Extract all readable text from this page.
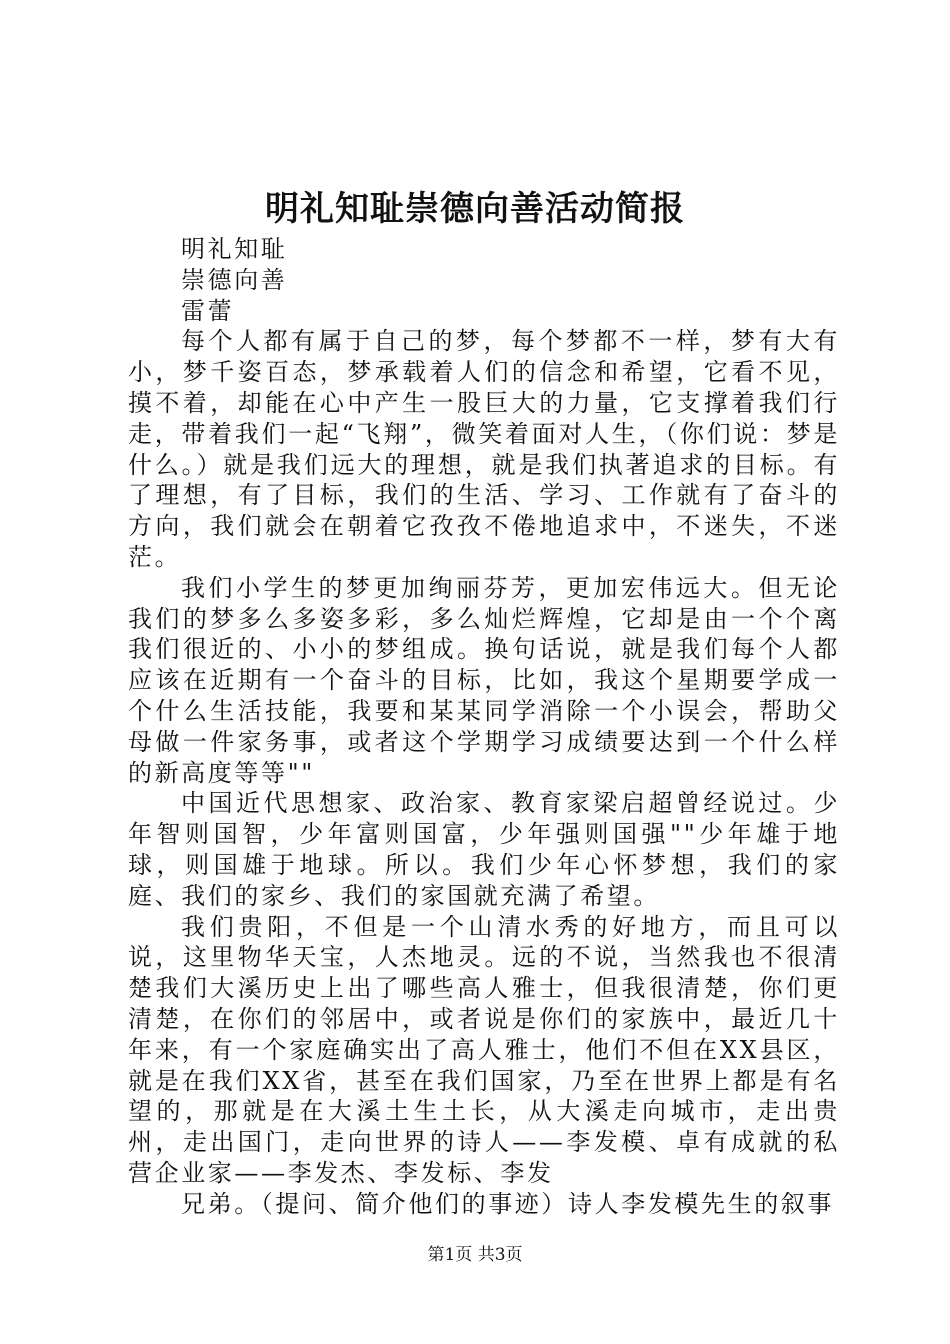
明礼知耻崇德向善活动简报

明礼知耻

崇德向善

雷蕾

每个人都有属于自己的梦，每个梦都不一样，梦有大有小，梦千姿百态，梦承载着人们的信念和希望，它看不见，摸不着，却能在心中产生一股巨大的力量，它支撑着我们行走，带着我们一起“飞翔”，微笑着面对人生，（你们说：梦是什么。）就是我们远大的理想，就是我们执著追求的目标。有了理想，有了目标，我们的生活、学习、工作就有了奋斗的方向，我们就会在朝着它孜孜不倦地追求中，不迷失，不迷茫。

我们小学生的梦更加绚丽芬芳，更加宏伟远大。但无论我们的梦多么多姿多彩，多么灿烂辉煌，它却是由一个个离我们很近的、小小的梦组成。换句话说，就是我们每个人都应该在近期有一个奋斗的目标，比如，我这个星期要学成一个什么生活技能，我要和某某同学消除一个小误会，帮助父母做一件家务事，或者这个学期学习成绩要达到一个什么样的新高度等等""

中国近代思想家、政治家、教育家梁启超曾经说过。少年智则国智，少年富则国富，少年强则国强""少年雄于地球，则国雄于地球。所以。我们少年心怀梦想，我们的家庭、我们的家乡、我们的家国就充满了希望。

我们贵阳，不但是一个山清水秀的好地方，而且可以说，这里物华天宝，人杰地灵。远的不说，当然我也不很清楚我们大溪历史上出了哪些高人雅士，但我很清楚，你们更清楚，在你们的邻居中，或者说是你们的家族中，最近几十年来，有一个家庭确实出了高人雅士，他们不但在XX县区，就是在我们XX省，甚至在我们国家，乃至在世界上都是有名望的，那就是在大溪土生土长，从大溪走向城市，走出贵州，走出国门，走向世界的诗人——李发模、卓有成就的私营企业家——李发杰、李发标、李发

兄弟。（提问、简介他们的事迹）诗人李发模先生的叙事

第1页 共3页
